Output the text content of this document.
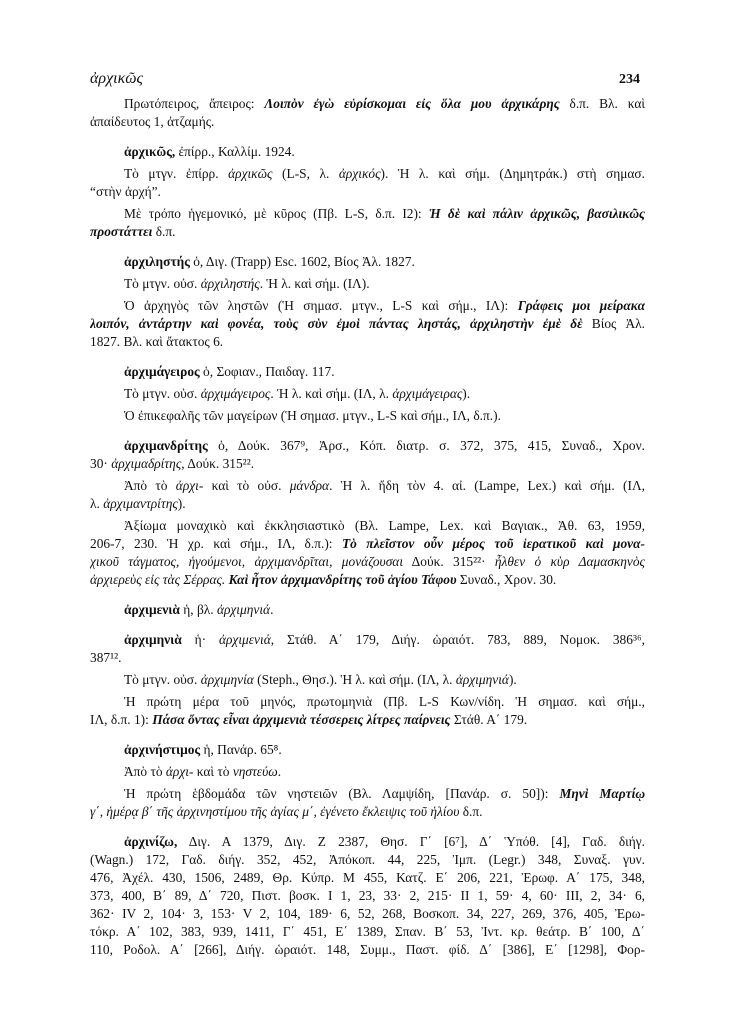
ἀρχικῶς	234
Πρωτόπειρος, ἄπειρος: Λοιπὸν ἐγὼ εὑρίσκομαι εἰς ὅλα μου ἀρχικάρης δ.π. Βλ. καὶ
ἀπαίδευτος 1, ἀτζαμής.
ἀρχικῶς, ἐπίρρ., Καλλίμ. 1924.
Τὸ μτγν. ἐπίρρ. ἀρχικῶς (L-S, λ. ἀρχικός). Ἡ λ. καὶ σήμ. (Δημητράκ.) στὴ σημασ.
“στὴν ἀρχή”.
Μὲ τρόπο ἡγεμονικό, μὲ κῦρος (Πβ. L-S, δ.π. I2): Ἡ δὲ καὶ πάλιν ἀρχικῶς, βασιλικῶς
προστάττει δ.π.
ἀρχιληστής ὁ, Διγ. (Trapp) Esc. 1602, Βίος Ἀλ. 1827.
Τὸ μτγν. οὐσ. ἀρχιληστής. Ἡ λ. καὶ σήμ. (ΙΛ).
Ὁ ἀρχηγὸς τῶν ληστῶν (Ἡ σημασ. μτγν., L-S καὶ σήμ., ΙΛ): Γράφεις μοι μείρακα
λοιπόν, ἀντάρτην καὶ φονέα, τοὺς σὺν ἐμοὶ πάντας ληστάς, ἀρχιληστὴν ἐμὲ δὲ Βίος Ἀλ.
1827. Βλ. καὶ ἄτακτος 6.
ἀρχιμάγειρος ὁ, Σοφιαν., Παιδαγ. 117.
Τὸ μτγν. οὐσ. ἀρχιμάγειρος. Ἡ λ. καὶ σήμ. (ΙΛ, λ. ἀρχιμάγειρας).
Ὁ ἐπικεφαλῆς τῶν μαγείρων (Ἡ σημασ. μτγν., L-S καὶ σήμ., ΙΛ, δ.π.).
ἀρχιμανδρίτης ὁ, Δούκ. 367⁹, Ἀρσ., Κόπ. διατρ. σ. 372, 375, 415, Συναδ., Χρον.
30· ἀρχιμαδρίτης, Δούκ. 315²².
Ἀπὸ τὸ ἀρχι- καὶ τὸ οὐσ. μάνδρα. Ἡ λ. ἤδη τὸν 4. αἰ. (Lampe, Lex.) καὶ σήμ. (ΙΛ,
λ. ἀρχιμαντρίτης).
Ἀξίωμα μοναχικὸ καὶ ἐκκλησιαστικὸ (Βλ. Lampe, Lex. καὶ Βαγιακ., Ἀθ. 63, 1959,
206-7, 230. Ἡ χρ. καὶ σήμ., ΙΛ, δ.π.): Τὸ πλεῖστον οὖν μέρος τοῦ ἱερατικοῦ καὶ μονα-
χικοῦ τάγματος, ἡγούμενοι, ἀρχιμανδρῖται, μονάζουσαι Δούκ. 315²²· ἦλθεν ὁ κὺρ Δαμασκηνὸς
ἀρχιερεὺς εἰς τὰς Σέρρας. Καὶ ἦτον ἀρχιμανδρίτης τοῦ ἁγίου Τάφου Συναδ., Χρον. 30.
ἀρχιμενιὰ ἡ, βλ. ἀρχιμηνιά.
ἀρχιμηνιὰ ἡ· ἀρχιμενιά, Στάθ. Α΄ 179, Διήγ. ὡραιότ. 783, 889, Νομοκ. 386³⁶,
387¹².
Τὸ μτγν. οὐσ. ἀρχιμηνία (Steph., Θησ.). Ἡ λ. καὶ σήμ. (ΙΛ, λ. ἀρχιμηνιά).
Ἡ πρώτη μέρα τοῦ μηνός, πρωτομηνιὰ (Πβ. L-S Κων/νίδη. Ἡ σημασ. καὶ σήμ.,
ΙΛ, δ.π. 1): Πάσα ὄντας εἶναι ἀρχιμενιὰ τέσσερεις λίτρες παίρνεις Στάθ. Α΄ 179.
ἀρχινήστιμος ἡ, Πανάρ. 65⁸.
Ἀπὸ τὸ ἀρχι- καὶ τὸ νηστεύω.
Ἡ πρώτη ἑβδομάδα τῶν νηστειῶν (Βλ. Λαμψίδη, [Πανάρ. σ. 50]): Μηνὶ Μαρτίῳ
γ΄, ἡμέρᾳ β΄ τῆς ἀρχινηστίμου τῆς ἁγίας μ΄, ἐγένετο ἔκλειψις τοῦ ἡλίου δ.π.
ἀρχινίζω, Διγ. Α 1379, Διγ. Ζ 2387, Θησ. Γ΄ [6⁷], Δ΄ Ὑπόθ. [4], Γαδ. διήγ.
(Wagn.) 172, Γαδ. διήγ. 352, 452, Ἀπόκοπ. 44, 225, Ἰμπ. (Legr.) 348, Συναξ. γυν.
476, Ἀχέλ. 430, 1506, 2489, Θρ. Κύπρ. Μ 455, Κατζ. Ε΄ 206, 221, Ἐρωφ. Α΄ 175, 348,
373, 400, Β΄ 89, Δ΄ 720, Πιστ. βοσκ. Ι 1, 23, 33· 2, 215· ΙΙ 1, 59· 4, 60· ΙΙΙ, 2, 34· 6,
362· IV 2, 104· 3, 153· V 2, 104, 189· 6, 52, 268, Βοσκοπ. 34, 227, 269, 376, 405, Ἐρω-
τόκρ. Α΄ 102, 383, 939, 1411, Γ΄ 451, Ε΄ 1389, Σπαν. Β΄ 53, Ἰντ. κρ. θεάτρ. Β΄ 100, Δ΄
110, Ροδολ. Α΄ [266], Διήγ. ὡραιότ. 148, Συμμ., Παστ. φίδ. Δ΄ [386], Ε΄ [1298], Φορ-
